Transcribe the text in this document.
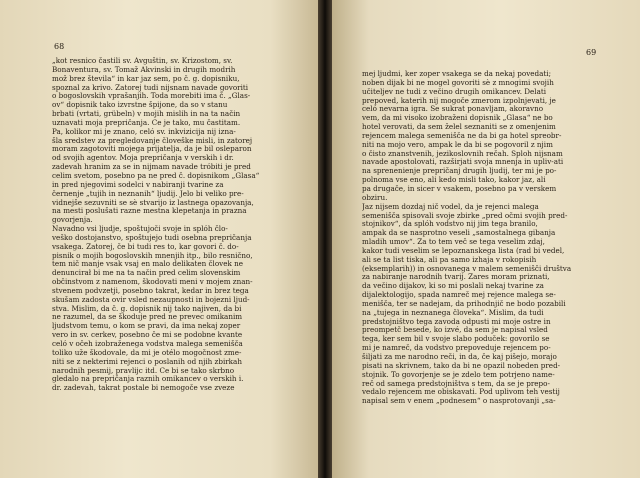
68
„kot resnico častili sv. Avguštin, sv. Krizostom, sv.
Bonaventura, sv. Tomaž Akvinski in drugih modrih
mož brez števila“ in kar jaz sem, po č. g. dopisniku,
spoznal za krivo. Zatorej tudi nijsnam navade govoriti
o bogoslovskih vprašanjih. Toda morebiti ima č. „Glas-
ov“ dopisnik tako izvrstne špijone, da so v stanu
brbati (vrtati, grübeln) v mojih mislih in na ta način
uznavati moja prepričanja. Če je tako, mu častitam.
Pa, kolikor mi je znano, celó sv. inkvizicija nij izna-
šla sredstev za pregledovanje človeške misli, in zatorej
moram zagotoviti mojega prijatelja, da je bil osleparon
od svojih agentov. Moja prepričanja v verskih i dr.
zadevah hranim za se in nijmam navade tróbiti je pred
celim svetom, posebno pa ne pred č. dopisnikom „Glasa“
in pred njegovimi sodelci v nabiranji tvarine za
černenje „tujih in neznanih“ ljudij. Jelo bi veliko pre-
vidnejše sezuvniti se sè stvarijo iz lastnega opazovanja,
na mesti poslušati razne mestna klepetanja in prazna
govorjenja.
Navadno vsi ljudje, spoštujoči svoje in splóh člo-
veško dostojanstvo, spoštujejo tudi osebna prepričanja
vsakega. Zatorej, če bi tudi res to, kar govori č. do-
pisnik o mojih bogoslovskih mnenjih itp., bilo resnično,
tem nič manje vsak vsaj en malo delikaten človek ne
denuncirał bi me na ta način pred celim slovenskim
občinstvom z namenom, škodovati meni v mojem znan-
stvenem podvzetji, posebno takrat, kedar in brez tega
skušam zadosta ovir vsled nezaupnosti in bojezni ljud-
stva. Mislim, da č. g. dopisnik nij tako najiven, da bi
ne razumel, da se škoduje pred ne prevec omikanim
ljudstvom temu, o kom se pravi, da ima nekaj zoper
vero in sv. cerkev, posebno če mi se podobne kvante
celó v očeh izobraženega vodstva malega semenišča
toliko uže škodovale, da mi je otélo mogočnost zme-
niti se z nekterimi rejenci o poslanih od njih zbirkah
narodnih pesmij, pravlijc itd. Če bi se tako skrbno
gledalo na prepričanja raznih omikancev o verskih i.
dr. zadevah, takrat postale bi nemogoče vse zveze
69
mej ljudmi, ker zoper vsakega se da nekaj povedati;
noben dijak bi ne mogel govoriti sè z mnogimi svojih
učiteljev ne tudi z večino drugih omikancev. Delati
prepoved, katerih nij mogoče zmerom izpolnjevati, je
celó nevarna igra. Se sukrat ponavljam, akoravno
vem, da mi visoko izobraženi dopisnik „Glasa“ ne bo
hotel verovati, da sem želel seznaniti se z omenjenim
rejencem malega semenišča ne da bi ga hotel spreobr-
niti na mojo vero, ampak le da bi se pogovoril z njim
o čisto znanstvenih, jezikoslovnih rečah. Sploh nijsnam
navade apostolovati, razširjati svoja mnenja in upliv-ati
na sprenenienje prepričanj drugih ljudij, ter mi je po-
polnoma vse eno, ali kedo misli tako, kakor jaz, ali
pa drugače, in sicer v vsakem, posebno pa v verskem
obziru.
Jaz nijsem dozdaj nič vodel, da je rejenci malega
semenišča spisovali svoje zbirke „pred očmi svojih pred-
stojnikov“, da splóh vodstvo nij jim tega branilo,
ampak da se nasprotno veseli „samostalnega gibanja
mladih umov“. Za to tem več se tega veselim zdaj,
kakor tudi veselim se lepoznanskega lista (rad bi vedel,
ali se ta list tiska, ali pa samo izhaja v rokopisih
(eksemplarih)) in osnovanega v malem semenišči društva
za nabiranje narodnih tvarij. Zares moram priznati,
da večino dijakov, ki so mi poslali nekaj tvarine za
dijalektologijo, spada namreč mej rejence malega se-
menišča, ter se nadejam, da prihodnjič ne bodo pozabili
na „tujega in neznanega človeka“. Mislim, da tudi
predstojništvo tega zavoda odpusti mi moje ostre in
preompetč besede, ko izvé, da sem je napisal vsled
tega, ker sem bil v svoje slabo poduček: govorilo se
mi je namreč, da vodstvo prepoveduje rejencem po-
šiljati za me narodno reči, in da, če kaj pišejo, morajo
pisati na skrivnem, tako da bi ne opazil nobeden pred-
stojnik. To govorjenje se je zdelo tem potrjeno name-
reč od samega predstojništva s tem, da se je prepo-
vedalo rejencem me obiskavati. Pod uplivom teh vestij
napisal sem v enem „podnesem“ o nasprotovanji „sa-
